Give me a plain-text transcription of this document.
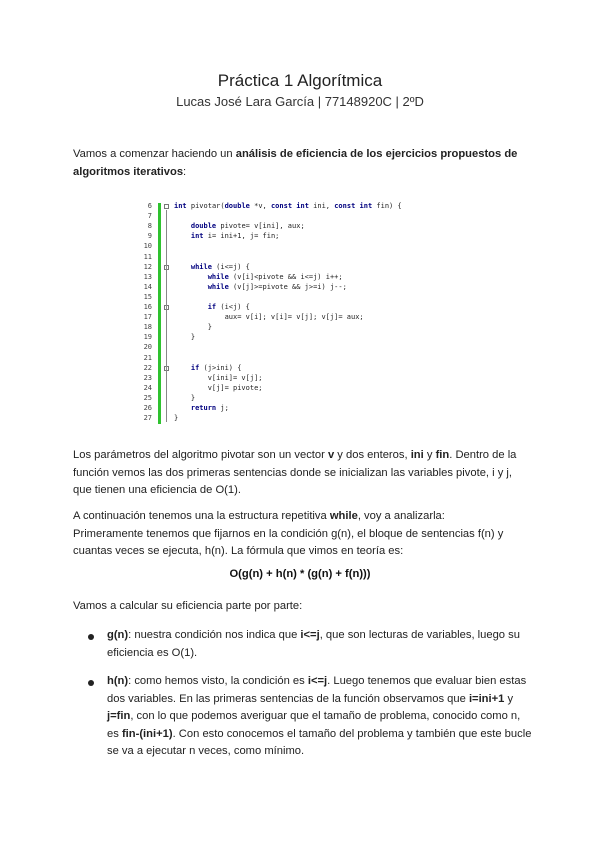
Práctica 1 Algorítmica
Lucas José Lara García | 77148920C | 2ºD

Vamos a comenzar haciendo un análisis de eficiencia de los ejercicios propuestos de algoritmos iterativos:

6	int pivotar(double *v, const int ini, const int fin) {
7
8	double pivote= v[ini], aux;
9	int i= ini+1, j= fin;
10
11
12	while (i<=j) {
13	while (v[i]<pivote && i<=j) i++;
14	while (v[j]>=pivote && j>=i) j--;
15
16	if (i<j) {
17	aux= v[i]; v[i]= v[j]; v[j]= aux;
18	}
19	}
20
21
22	if (j>ini) {
23	v[ini]= v[j];
24	v[j]= pivote;
25	}
26	return j;
27	}

Los parámetros del algoritmo pivotar son un vector v y dos enteros, ini y fin. Dentro de la función vemos las dos primeras sentencias donde se inicializan las variables pivote, i y j, que tienen una eficiencia de O(1).

A continuación tenemos una la estructura repetitiva while, voy a analizarla:
Primeramente tenemos que fijarnos en la condición g(n), el bloque de sentencias f(n) y cuantas veces se ejecuta, h(n). La fórmula que vimos en teoría es:

O(g(n) + h(n) * (g(n) + f(n)))

Vamos a calcular su eficiencia parte por parte:

g(n): nuestra condición nos indica que i<=j, que son lecturas de variables, luego su eficiencia es O(1).

h(n): como hemos visto, la condición es i<=j. Luego tenemos que evaluar bien estas dos variables. En las primeras sentencias de la función observamos que i=ini+1 y j=fin, con lo que podemos averiguar que el tamaño de problema, conocido como n, es fin-(ini+1). Con esto conocemos el tamaño del problema y también que este bucle se va a ejecutar n veces, como mínimo.
